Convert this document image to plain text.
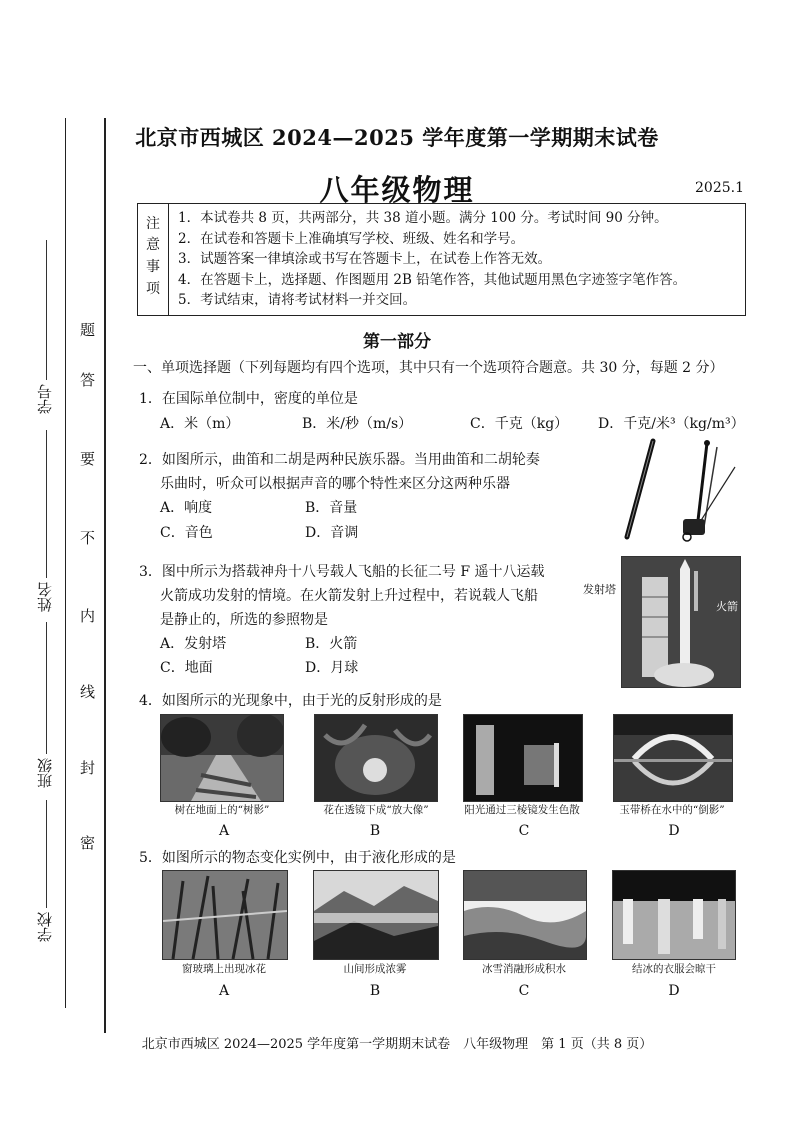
题
答
要
不
内
线
封
密
学号
姓名
班级
学校
北京市西城区 2024—2025 学年度第一学期期末试卷
八年级物理	2025.1
注
意
事
项
1．本试卷共 8 页，共两部分，共 38 道小题。满分 100 分。考试时间 90 分钟。
2．在试卷和答题卡上准确填写学校、班级、姓名和学号。
3．试题答案一律填涂或书写在答题卡上，在试卷上作答无效。
4．在答题卡上，选择题、作图题用 2B 铅笔作答，其他试题用黑色字迹签字笔作答。
5．考试结束，请将考试材料一并交回。
第一部分
一、单项选择题（下列每题均有四个选项，其中只有一个选项符合题意。共 30 分，每题 2 分）
1．在国际单位制中，密度的单位是
A．米（m）	B．米/秒（m/s）	C．千克（kg） D．千克/米³（kg/m³）
2．如图所示，曲笛和二胡是两种民族乐器。当用曲笛和二胡轮奏
乐曲时，听众可以根据声音的哪个特性来区分这两种乐器
A．响度	B．音量
C．音色	D．音调
3．图中所示为搭载神舟十八号载人飞船的长征二号 F 遥十八运载
火箭成功发射的情境。在火箭发射上升过程中，若说载人飞船
是静止的，所选的参照物是
A．发射塔	B．火箭
C．地面	D．月球
发射塔
火箭
4．如图所示的光现象中，由于光的反射形成的是
树在地面上的“树影”	花在透镜下成“放大像”	阳光通过三棱镜发生色散	玉带桥在水中的“倒影”
A	B	C	D
5．如图所示的物态变化实例中，由于液化形成的是
窗玻璃上出现冰花	山间形成浓雾	冰雪消融形成积水	结冰的衣服会晾干
A	B	C	D
北京市西城区 2024—2025 学年度第一学期期末试卷　八年级物理　第 1 页（共 8 页）
